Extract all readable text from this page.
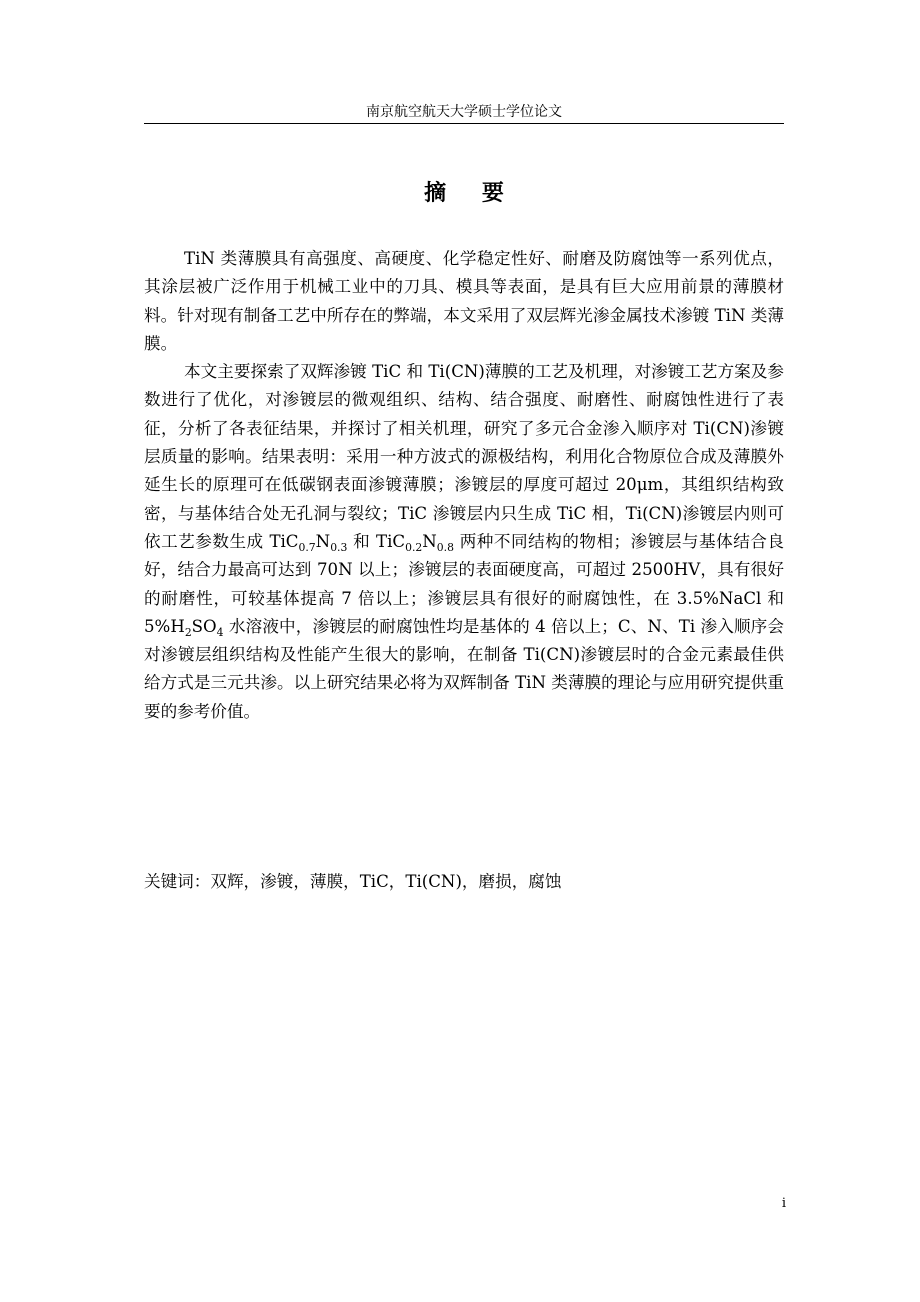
南京航空航天大学硕士学位论文
摘 要

TiN 类薄膜具有高强度、高硬度、化学稳定性好、耐磨及防腐蚀等一系列优点，其涂层被广泛作用于机械工业中的刀具、模具等表面，是具有巨大应用前景的薄膜材料。针对现有制备工艺中所存在的弊端，本文采用了双层辉光渗金属技术渗镀 TiN 类薄膜。

本文主要探索了双辉渗镀 TiC 和 Ti(CN)薄膜的工艺及机理，对渗镀工艺方案及参数进行了优化，对渗镀层的微观组织、结构、结合强度、耐磨性、耐腐蚀性进行了表征，分析了各表征结果，并探讨了相关机理，研究了多元合金渗入顺序对 Ti(CN)渗镀层质量的影响。结果表明：采用一种方波式的源极结构，利用化合物原位合成及薄膜外延生长的原理可在低碳钢表面渗镀薄膜；渗镀层的厚度可超过 20μm，其组织结构致密，与基体结合处无孔洞与裂纹；TiC 渗镀层内只生成 TiC 相，Ti(CN)渗镀层内则可依工艺参数生成 $TiC_{0.7}N_{0.3}$ 和 $TiC_{0.2}N_{0.8}$ 两种不同结构的物相；渗镀层与基体结合良好，结合力最高可达到 70N 以上；渗镀层的表面硬度高，可超过 2500HV，具有很好的耐磨性，可较基体提高 7 倍以上；渗镀层具有很好的耐腐蚀性，在 3.5%NaCl 和 $5\%H_2SO_4$ 水溶液中，渗镀层的耐腐蚀性均是基体的 4 倍以上；C、N、Ti 渗入顺序会对渗镀层组织结构及性能产生很大的影响，在制备 Ti(CN)渗镀层时的合金元素最佳供给方式是三元共渗。以上研究结果必将为双辉制备 TiN 类薄膜的理论与应用研究提供重要的参考价值。

关键词：双辉，渗镀，薄膜，TiC，Ti(CN)，磨损，腐蚀
i
